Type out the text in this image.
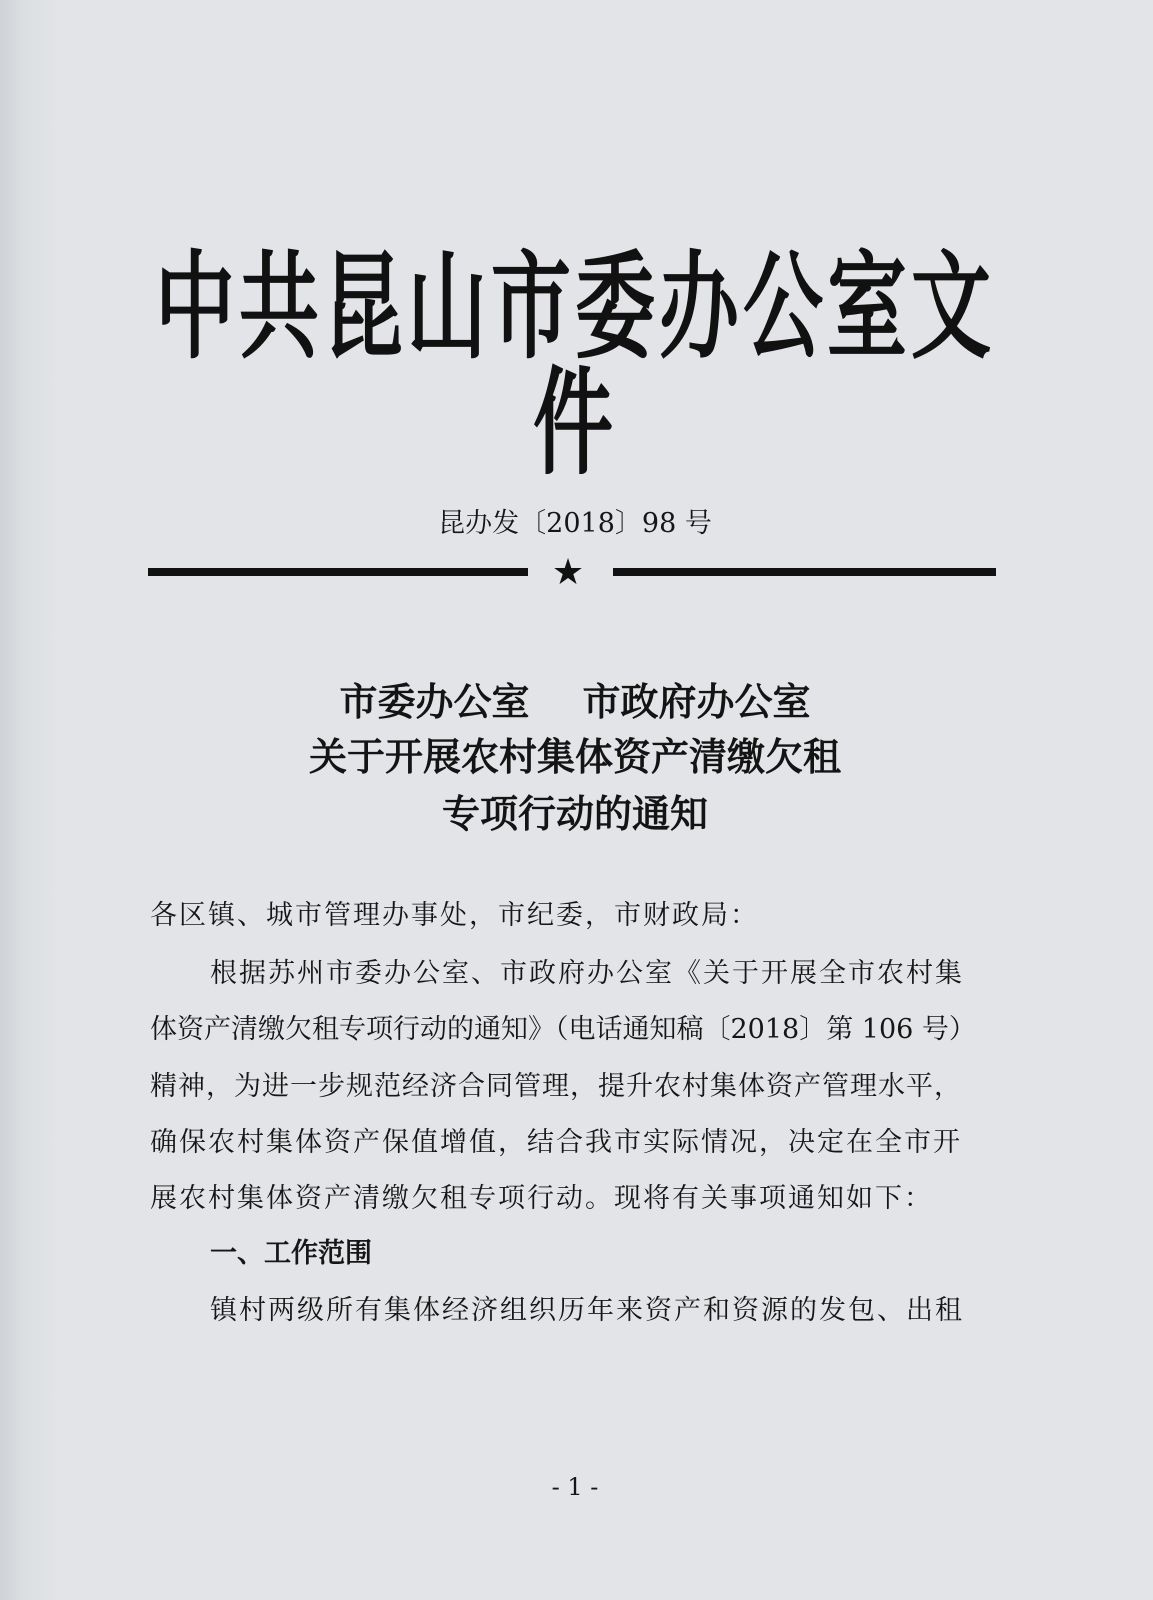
中共昆山市委办公室文件
昆办发〔2018〕98 号
★
市委办公室    市政府办公室
关于开展农村集体资产清缴欠租
专项行动的通知
各区镇、城市管理办事处，市纪委，市财政局：
根据苏州市委办公室、市政府办公室《关于开展全市农村集
体资产清缴欠租专项行动的通知》（电话通知稿〔2018〕第 106 号）
精神，为进一步规范经济合同管理，提升农村集体资产管理水平，
确保农村集体资产保值增值，结合我市实际情况，决定在全市开
展农村集体资产清缴欠租专项行动。现将有关事项通知如下：
一、工作范围
镇村两级所有集体经济组织历年来资产和资源的发包、出租
- 1 -
